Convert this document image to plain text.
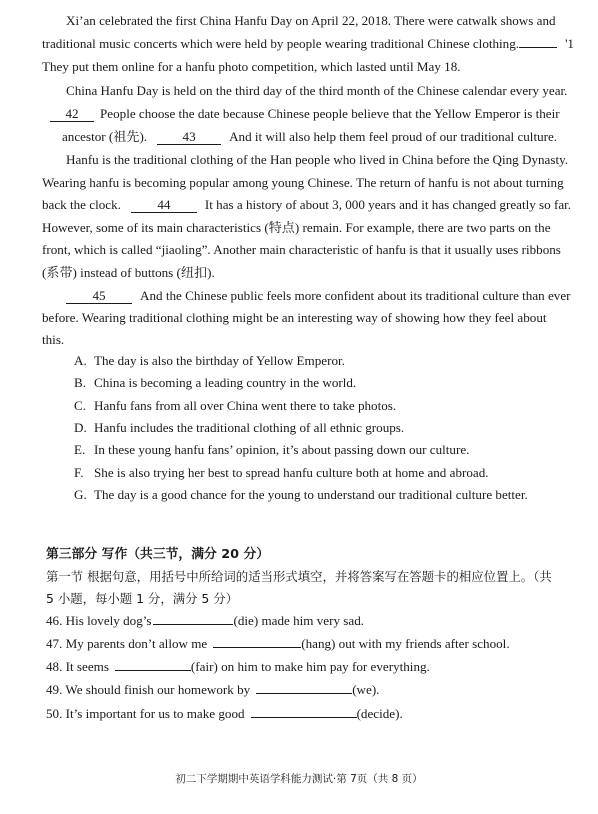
Xi’an celebrated the first China Hanfu Day on April 22, 2018. There were catwalk shows and
traditional music concerts which were held by people wearing traditional Chinese clothing.	'1
They put them online for a hanfu photo competition, which lasted until May 18.
China Hanfu Day is held on the third day of the third month of the Chinese calendar every year.
42 People choose the date because Chinese people believe that the Yellow Emperor is their
ancestor (祖先).	43	And it will also help them feel proud of our traditional culture.
Hanfu is the traditional clothing of the Han people who lived in China before the Qing Dynasty.
Wearing hanfu is becoming popular among young Chinese. The return of hanfu is not about turning
back the clock.	44	It has a history of about 3, 000 years and it has changed greatly so far.
However, some of its main characteristics (特点) remain. For example, there are two parts on the
front, which is called “jiaoling”. Another main characteristic of hanfu is that it usually uses ribbons
(系带) instead of buttons (纽扣).
45	And the Chinese public feels more confident about its traditional culture than ever
before. Wearing traditional clothing might be an interesting way of showing how they feel about
this.
A. The day is also the birthday of Yellow Emperor.
B. China is becoming a leading country in the world.
C. Hanfu fans from all over China went there to take photos.
D. Hanfu includes the traditional clothing of all ethnic groups.
E. In these young hanfu fans’ opinion, it’s about passing down our culture.
F. She is also trying her best to spread hanfu culture both at home and abroad.
G. The day is a good chance for the young to understand our traditional culture better.
第三部分 写作（共三节，满分 20 分）
第一节 根据句意，用括号中所给词的适当形式填空，并将答案写在答题卡的相应位置上。（共
5 小题，每小题 1 分，满分 5 分）
46. His lovely dog’s	(die) made him very sad.
47. My parents don’t allow me	(hang) out with my friends after school.
48. It seems	(fair) on him to make him pay for everything.
49. We should finish our homework by	(we).
50. It’s important for us to make good	(decide).
初二下学期期中英语学科能力测试·第 7页（共 8 页）
